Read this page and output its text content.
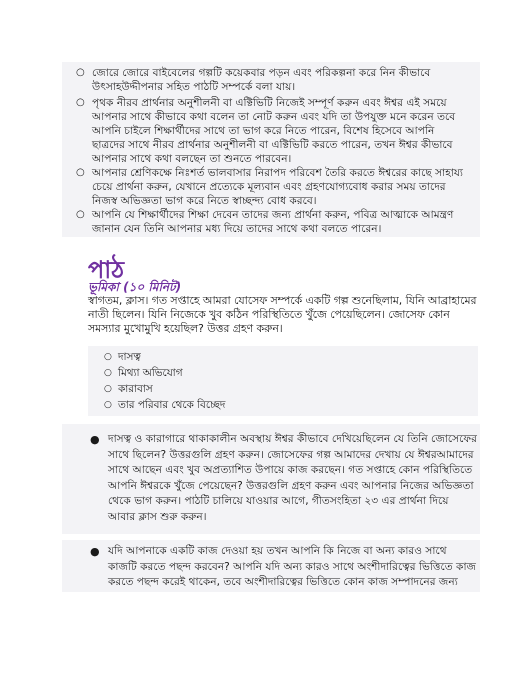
○ জোরে জোরে বাইবেলের গল্পটি কয়েকবার পড়ন এবং পরিকল্পনা করে নিন কীভাবে উৎসাহউদ্দীপনার সহিত পাঠটি সম্পর্কে বলা যায়।
○ পৃথক নীরব প্রার্থনার অনুশীলনী বা এক্টিভিটি নিজেই সম্পূর্ণ করুন এবং ঈশ্বর এই সময়ে আপনার সাথে কীভাবে কথা বলেন তা নোট করুন এবং যদি তা উপযুক্ত মনে করেন তবে আপনি চাইলে শিক্ষার্থীদের সাথে তা ভাগ করে নিতে পারেন, বিশেষ হিসেবে আপনি ছাত্রদের সাথে নীরব প্রার্থনার অনুশীলনী বা এক্টিভিটি করতে পারেন, তখন ঈশ্বর কীভাবে আপনার সাথে কথা বলছেন তা শুনতে পারবেন।
○ আপনার শ্রেণিকক্ষে নিঃশর্ত ভালবাসার নিরাপদ পরিবেশ তৈরি করতে ঈশ্বরের কাছে সাহায্য চেয়ে প্রার্থনা করুন, যেখানে প্রত্যেকে মূল্যবান এবং গ্রহণযোগ্যবোধ করার সময় তাদের নিজস্ব অভিজ্ঞতা ভাগ করে নিতে স্বাচ্ছন্দ্য বোধ করবে।
○ আপনি যে শিক্ষার্থীদের শিক্ষা দেবেন তাদের জন্য প্রার্থনা করুন, পবিত্র আত্মাকে আমন্ত্রণ জানান যেন তিনি আপনার মধ্য দিয়ে তাদের সাথে কথা বলতে পারেন।
পাঠ
ভূমিকা (১০ মিনিট)
স্বাগতম, ক্লাস। গত সপ্তাহে আমরা যোসেফ সম্পর্কে একটি গল্প শুনেছিলাম, যিনি আব্রাহামের নাতী ছিলেন। যিনি নিজেকে খুব কঠিন পরিস্থিতিতে খুঁজে পেয়েছিলেন। জোসেফ কোন সমস্যার মুখোমুখি হয়েছিল? উত্তর গ্রহণ করুন।
○ দাসত্ব
○ মিথ্যা অভিযোগ
○ কারাবাস
○ তার পরিবার থেকে বিচ্ছেদ
● দাসত্ব ও কারাগারে থাকাকালীন অবস্থায় ঈশ্বর কীভাবে দেখিয়েছিলেন যে তিনি জোসেফের সাথে ছিলেন? উত্তরগুলি গ্রহণ করুন। জোসেফের গল্প আমাদের দেখায় যে ঈশ্বরআমাদের সাথে আছেন এবং খুব অপ্রত্যাশিত উপায়ে কাজ করছেন। গত সপ্তাহে কোন পরিস্থিতিতে আপনি ঈশ্বরকে খুঁজে পেয়েছেন? উত্তরগুলি গ্রহণ করুন এবং আপনার নিজের অভিজ্ঞতা থেকে ভাগ করুন। পাঠটি চালিয়ে যাওয়ার আগে, গীতসংহিতা ২৩ এর প্রার্থনা দিয়ে আবার ক্লাস শুরু করুন।
● যদি আপনাকে একটি কাজ দেওয়া হয় তখন আপনি কি নিজে বা অন্য কারও সাথে কাজটি করতে পছন্দ করবেন? আপনি যদি অন্য কারও সাথে অংশীদারিত্বের ভিত্তিতে কাজ করতে পছন্দ করেই থাকেন, তবে অংশীদারিত্বের ভিত্তিতে কোন কাজ সম্পাদনের জন্য
